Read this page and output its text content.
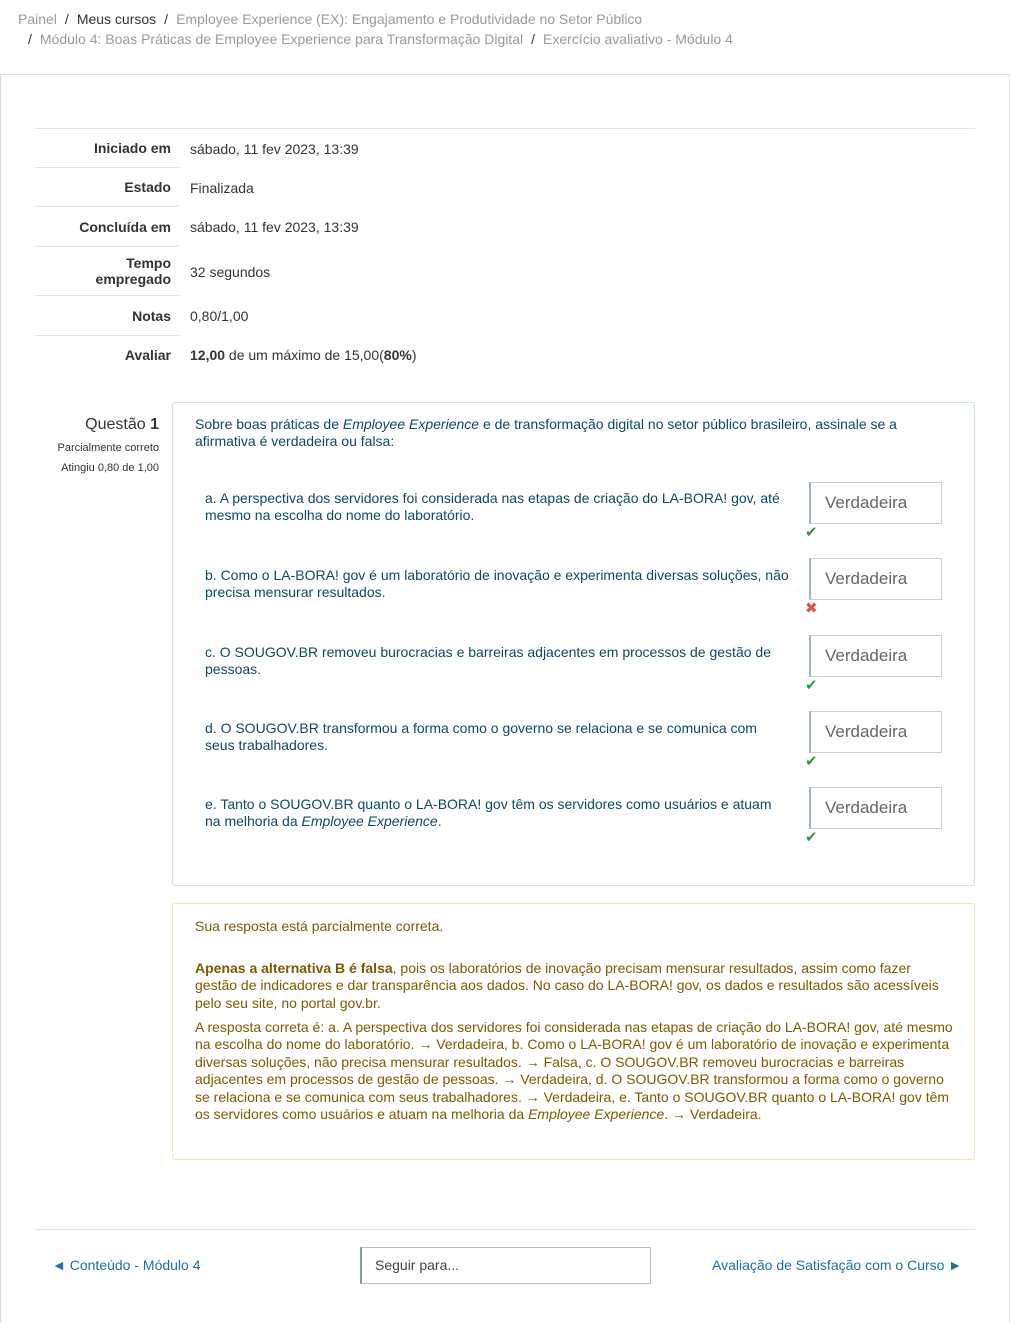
Painel / Meus cursos / Employee Experience (EX): Engajamento e Produtividade no Setor Público
/ Módulo 4: Boas Práticas de Employee Experience para Transformação Digital / Exercício avaliativo - Módulo 4
Iniciado em	sábado, 11 fev 2023, 13:39
Estado	Finalizada
Concluída em	sábado, 11 fev 2023, 13:39
Tempo empregado	32 segundos
Notas	0,80/1,00
Avaliar	12,00 de um máximo de 15,00(80%)
Questão 1
Parcialmente correto
Atingiu 0,80 de 1,00
Sobre boas práticas de Employee Experience e de transformação digital no setor público brasileiro, assinale se a afirmativa é verdadeira ou falsa:
a. A perspectiva dos servidores foi considerada nas etapas de criação do LA-BORA! gov, até mesmo na escolha do nome do laboratório.
Verdadeira
✔
b. Como o LA-BORA! gov é um laboratório de inovação e experimenta diversas soluções, não precisa mensurar resultados.
Verdadeira
✖
c. O SOUGOV.BR removeu burocracias e barreiras adjacentes em processos de gestão de pessoas.
Verdadeira
✔
d. O SOUGOV.BR transformou a forma como o governo se relaciona e se comunica com seus trabalhadores.
Verdadeira
✔
e. Tanto o SOUGOV.BR quanto o LA-BORA! gov têm os servidores como usuários e atuam na melhoria da Employee Experience.
Verdadeira
✔
Sua resposta está parcialmente correta.
Apenas a alternativa B é falsa, pois os laboratórios de inovação precisam mensurar resultados, assim como fazer gestão de indicadores e dar transparência aos dados. No caso do LA-BORA! gov, os dados e resultados são acessíveis pelo seu site, no portal gov.br.
A resposta correta é: a. A perspectiva dos servidores foi considerada nas etapas de criação do LA-BORA! gov, até mesmo na escolha do nome do laboratório. → Verdadeira, b. Como o LA-BORA! gov é um laboratório de inovação e experimenta diversas soluções, não precisa mensurar resultados. → Falsa, c. O SOUGOV.BR removeu burocracias e barreiras adjacentes em processos de gestão de pessoas. → Verdadeira, d. O SOUGOV.BR transformou a forma como o governo se relaciona e se comunica com seus trabalhadores. → Verdadeira, e. Tanto o SOUGOV.BR quanto o LA-BORA! gov têm os servidores como usuários e atuam na melhoria da Employee Experience. → Verdadeira.
◄ Conteúdo - Módulo 4	Seguir para...	Avaliação de Satisfação com o Curso ►
